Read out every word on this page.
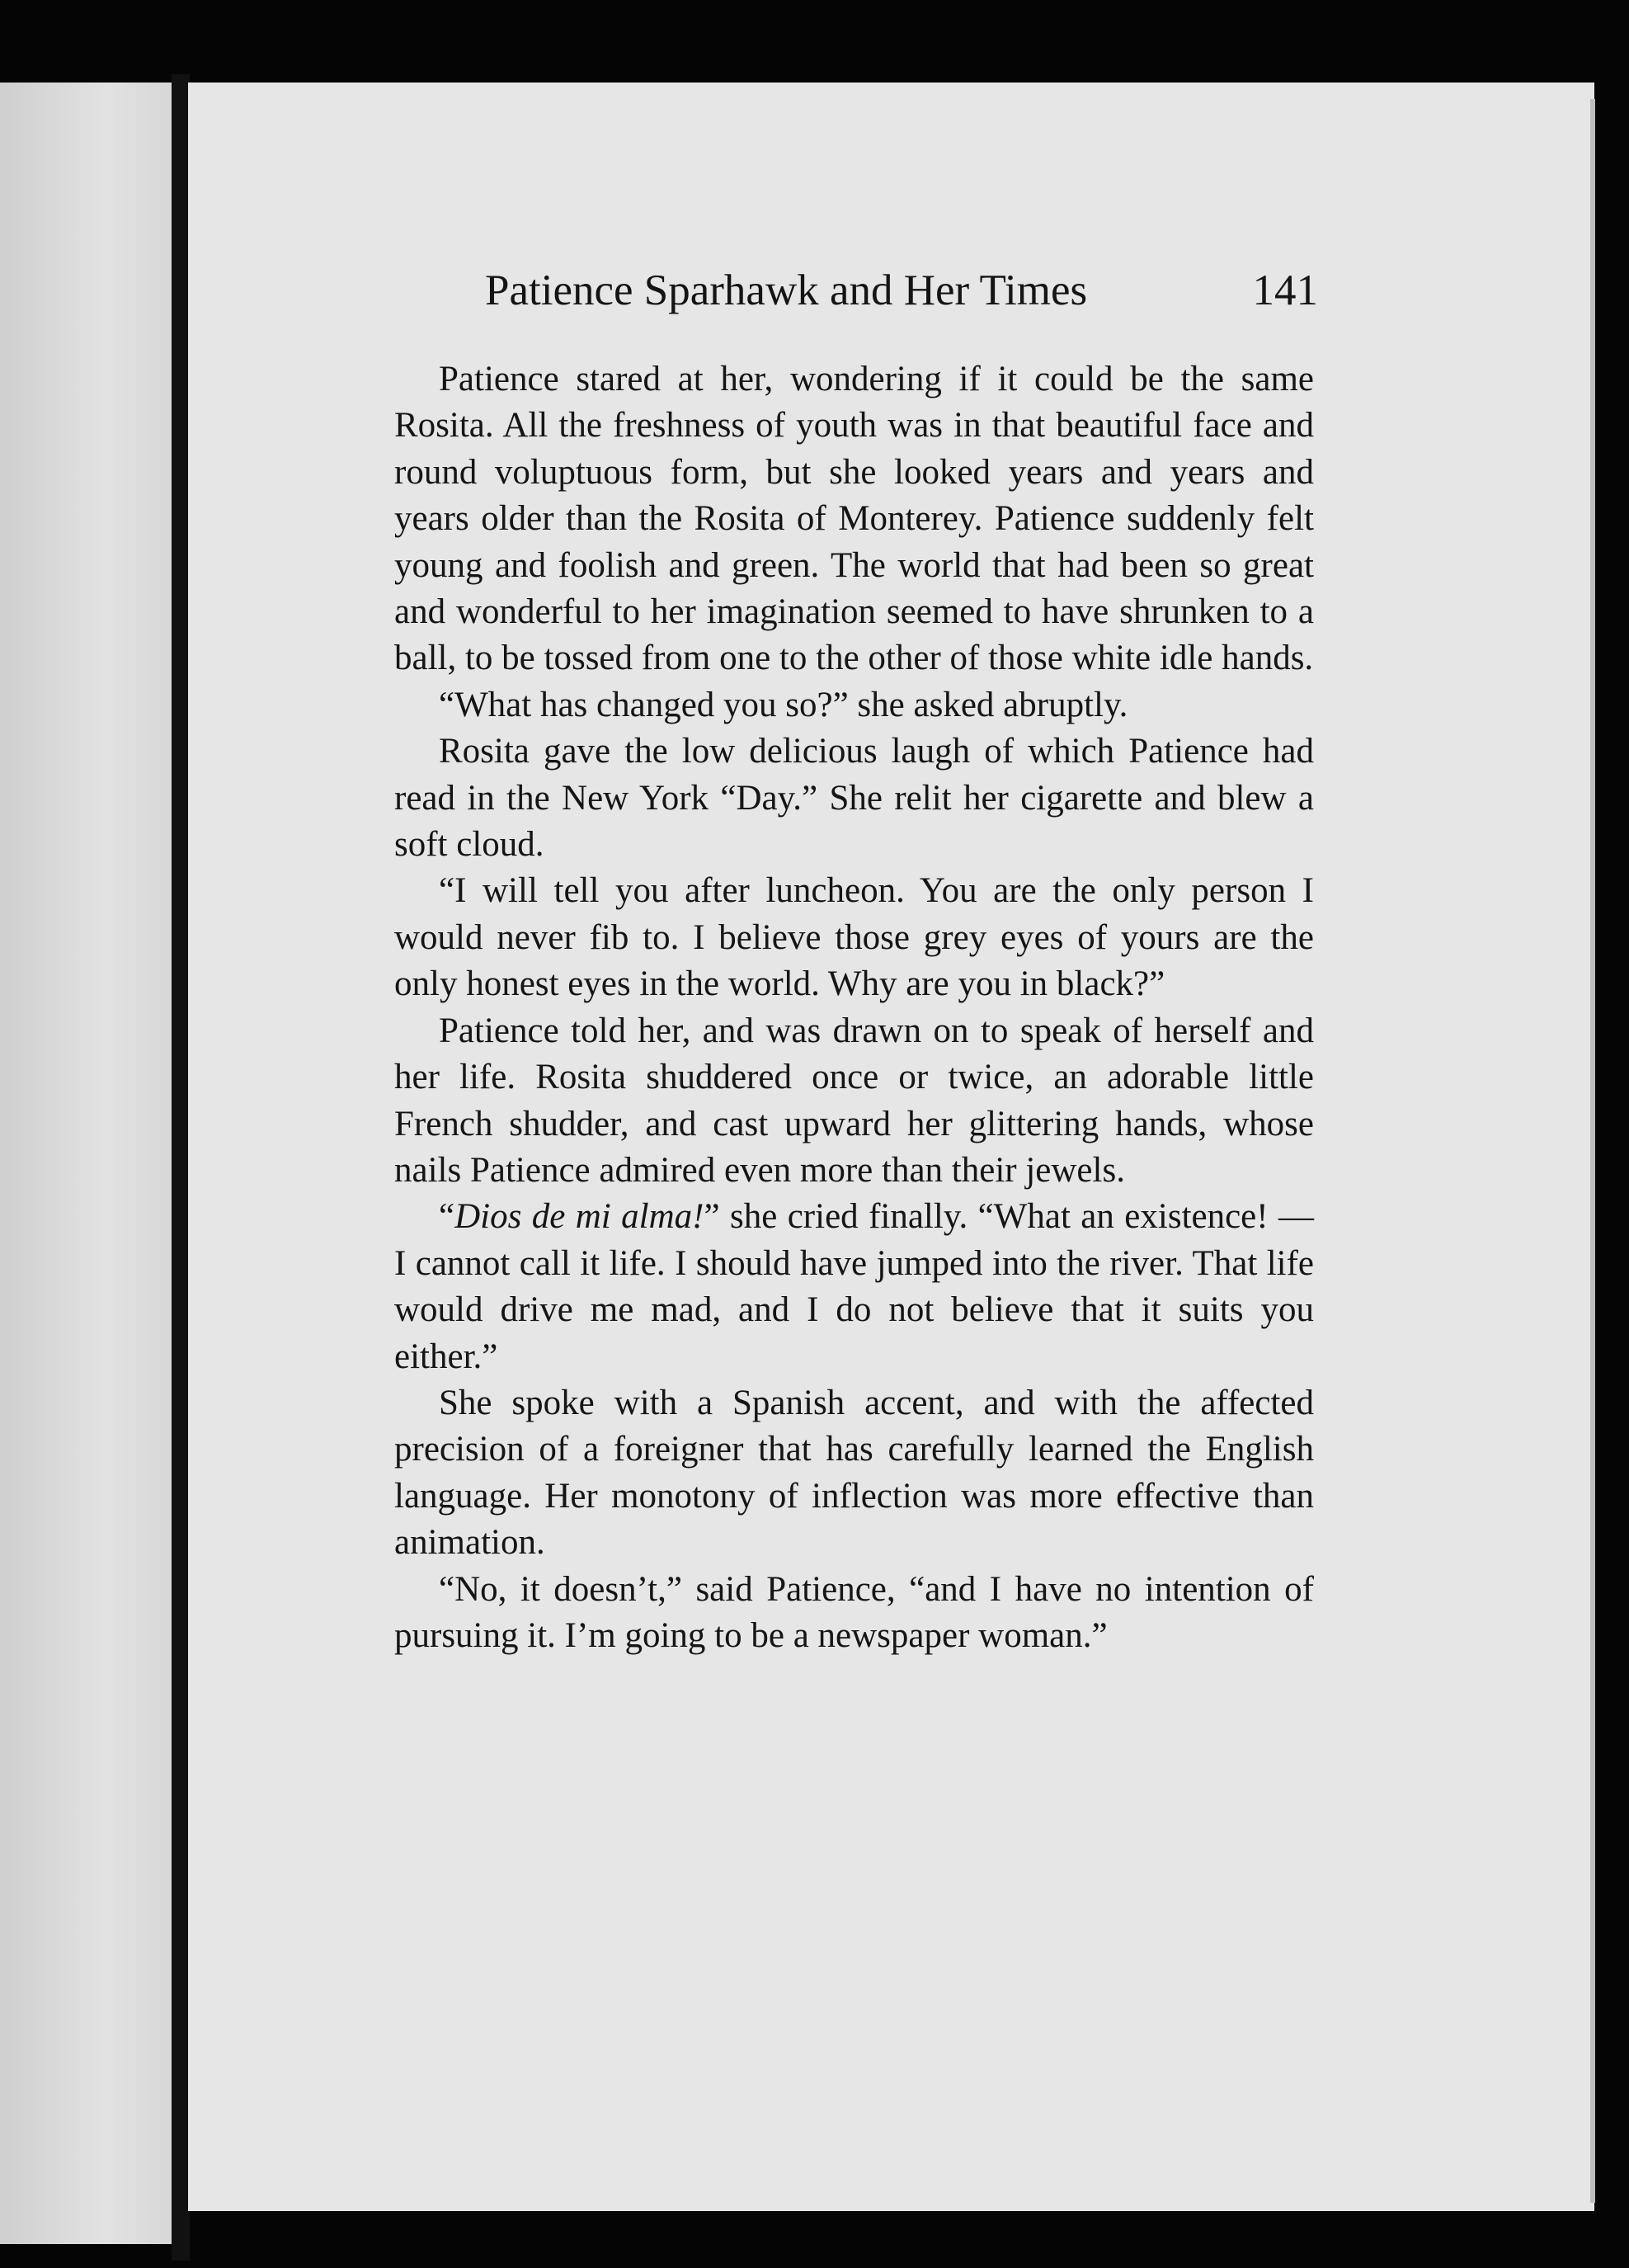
Patience Sparhawk and Her Times	141

Patience stared at her, wondering if it could be the same Rosita. All the freshness of youth was in that beautiful face and round voluptuous form, but she looked years and years and years older than the Rosita of Monterey. Patience suddenly felt young and foolish and green. The world that had been so great and wonderful to her imagination seemed to have shrunken to a ball, to be tossed from one to the other of those white idle hands.

“What has changed you so?” she asked abruptly.

Rosita gave the low delicious laugh of which Patience had read in the New York “Day.” She relit her cigarette and blew a soft cloud.

“I will tell you after luncheon. You are the only person I would never fib to. I believe those grey eyes of yours are the only honest eyes in the world. Why are you in black?”

Patience told her, and was drawn on to speak of herself and her life. Rosita shuddered once or twice, an adorable little French shudder, and cast upward her glittering hands, whose nails Patience admired even more than their jewels.

“Dios de mi alma!” she cried finally. “What an existence! — I cannot call it life. I should have jumped into the river. That life would drive me mad, and I do not believe that it suits you either.”

She spoke with a Spanish accent, and with the affected precision of a foreigner that has carefully learned the English language. Her monotony of inflection was more effective than animation.

“No, it doesn’t,” said Patience, “and I have no intention of pursuing it. I’m going to be a newspaper woman.”
